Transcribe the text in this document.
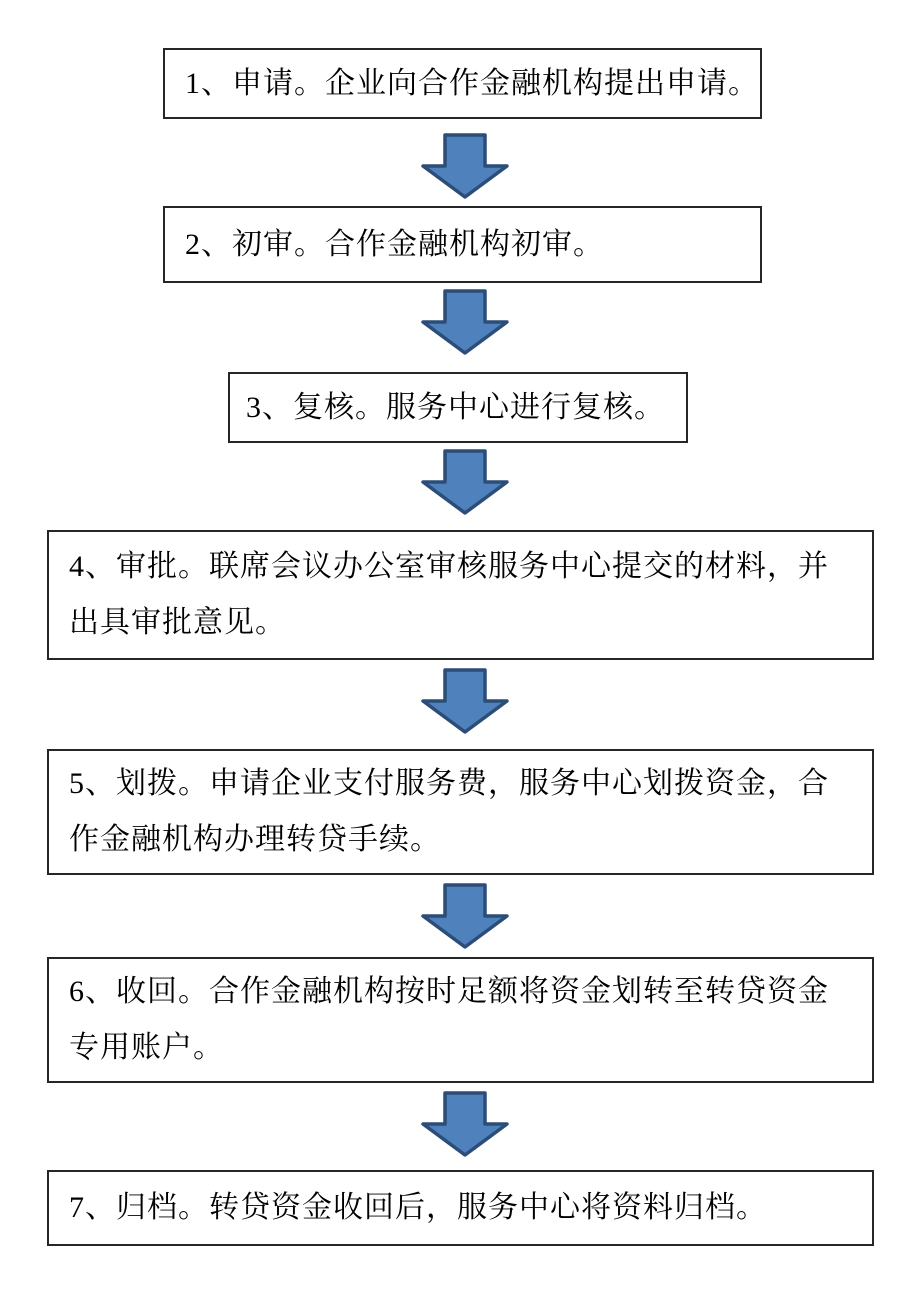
1、申请。企业向合作金融机构提出申请。
2、初审。合作金融机构初审。
3、复核。服务中心进行复核。
4、审批。联席会议办公室审核服务中心提交的材料，并出具审批意见。
5、划拨。申请企业支付服务费，服务中心划拨资金，合作金融机构办理转贷手续。
6、收回。合作金融机构按时足额将资金划转至转贷资金专用账户。
7、归档。转贷资金收回后，服务中心将资料归档。
